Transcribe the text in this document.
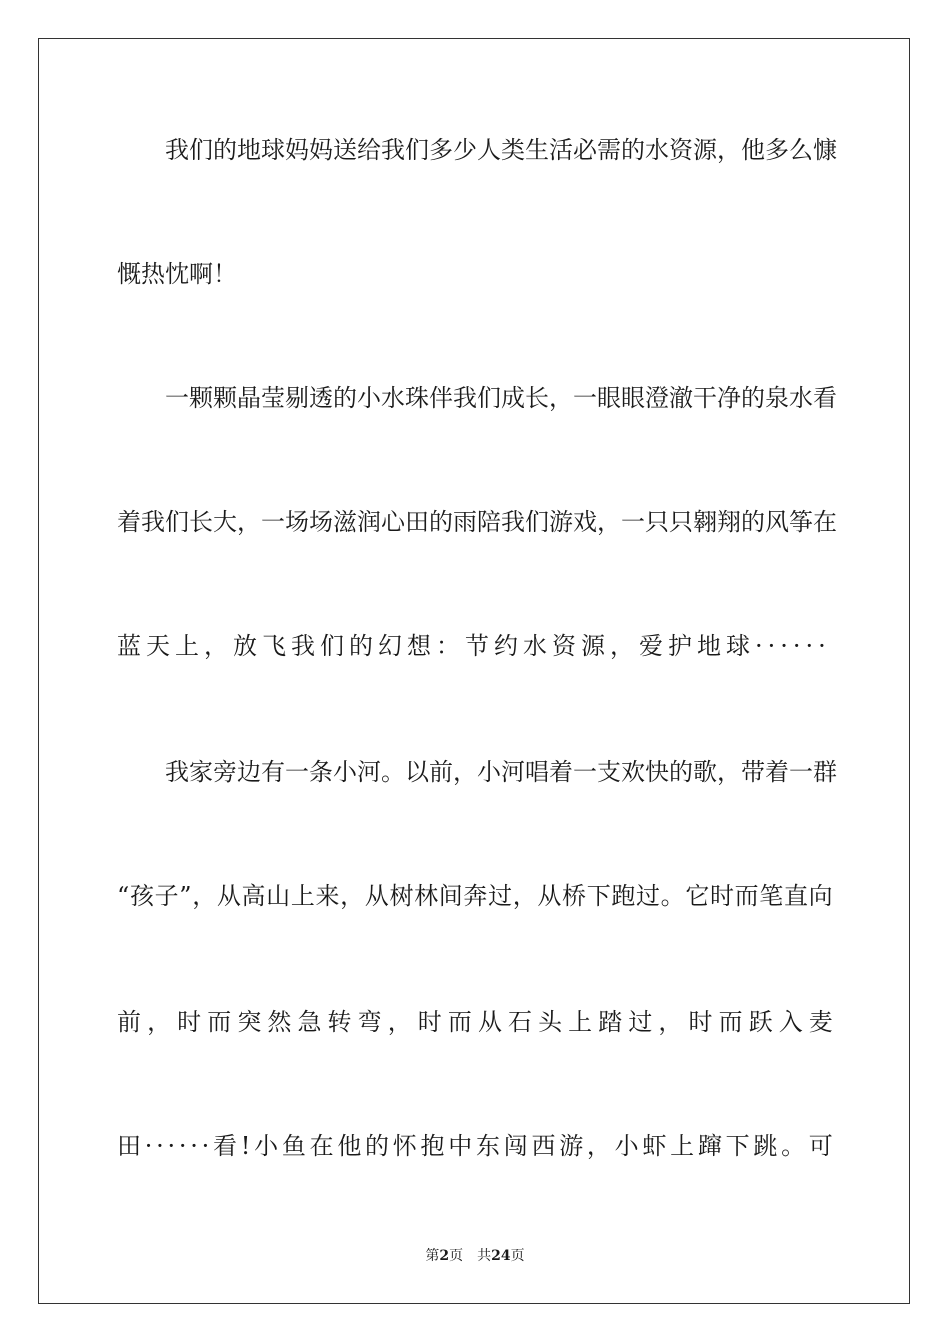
我 们 的 地 球 妈 妈 送 给 我 们 多 少 人 类 生 活 必 需 的 水 资 源 ， 他 多 么 慷
慨热忱啊！
一 颗 颗 晶 莹 剔 透 的 小 水 珠 伴 我 们 成 长 ， 一 眼 眼 澄 澈 干 净 的 泉 水 看
着 我 们 长 大 ， 一 场 场 滋 润 心 田 的 雨 陪 我 们 游 戏 ， 一 只 只 翱 翔 的 风 筝 在
蓝天上，放飞我们的幻想：节约水资源，爱护地球······
我 家 旁 边 有 一 条 小 河 。 以 前 ， 小 河 唱 着 一 支 欢 快 的 歌 ， 带 着 一 群
“ 孩 子 ” ， 从 高 山 上 来 ， 从 树 林 间 奔 过 ， 从 桥 下 跑 过 。 它 时 而 笔 直 向
前 ， 时 而 突 然 急 转 弯 ， 时 而 从 石 头 上 踏 过 ， 时 而 跃 入 麦
田 · · · · · · 看 ! 小 鱼 在 他 的 怀 抱 中 东 闯 西 游 ， 小 虾 上 蹿 下 跳 。 可
第2页 共24页
